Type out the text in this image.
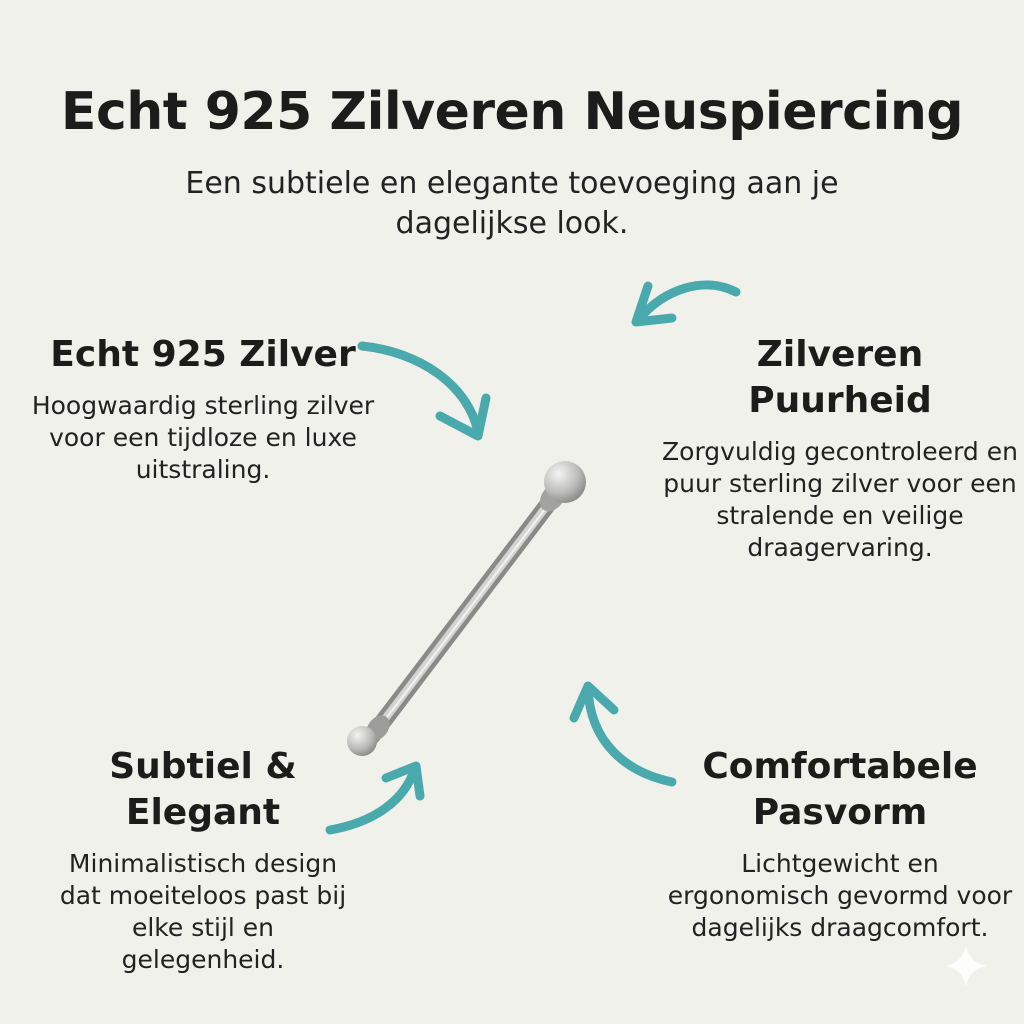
Echt 925 Zilveren Neuspiercing
Een subtiele en elegante toevoeging aan je dagelijkse look.
Echt 925 Zilver
Hoogwaardig sterling zilver voor een tijdloze en luxe uitstraling.
Zilveren Puurheid
Zorgvuldig gecontroleerd en puur sterling zilver voor een stralende en veilige draagervaring.
Subtiel & Elegant
Minimalistisch design dat moeiteloos past bij elke stijl en gelegenheid.
Comfortabele Pasvorm
Lichtgewicht en ergonomisch gevormd voor dagelijks draagcomfort.
